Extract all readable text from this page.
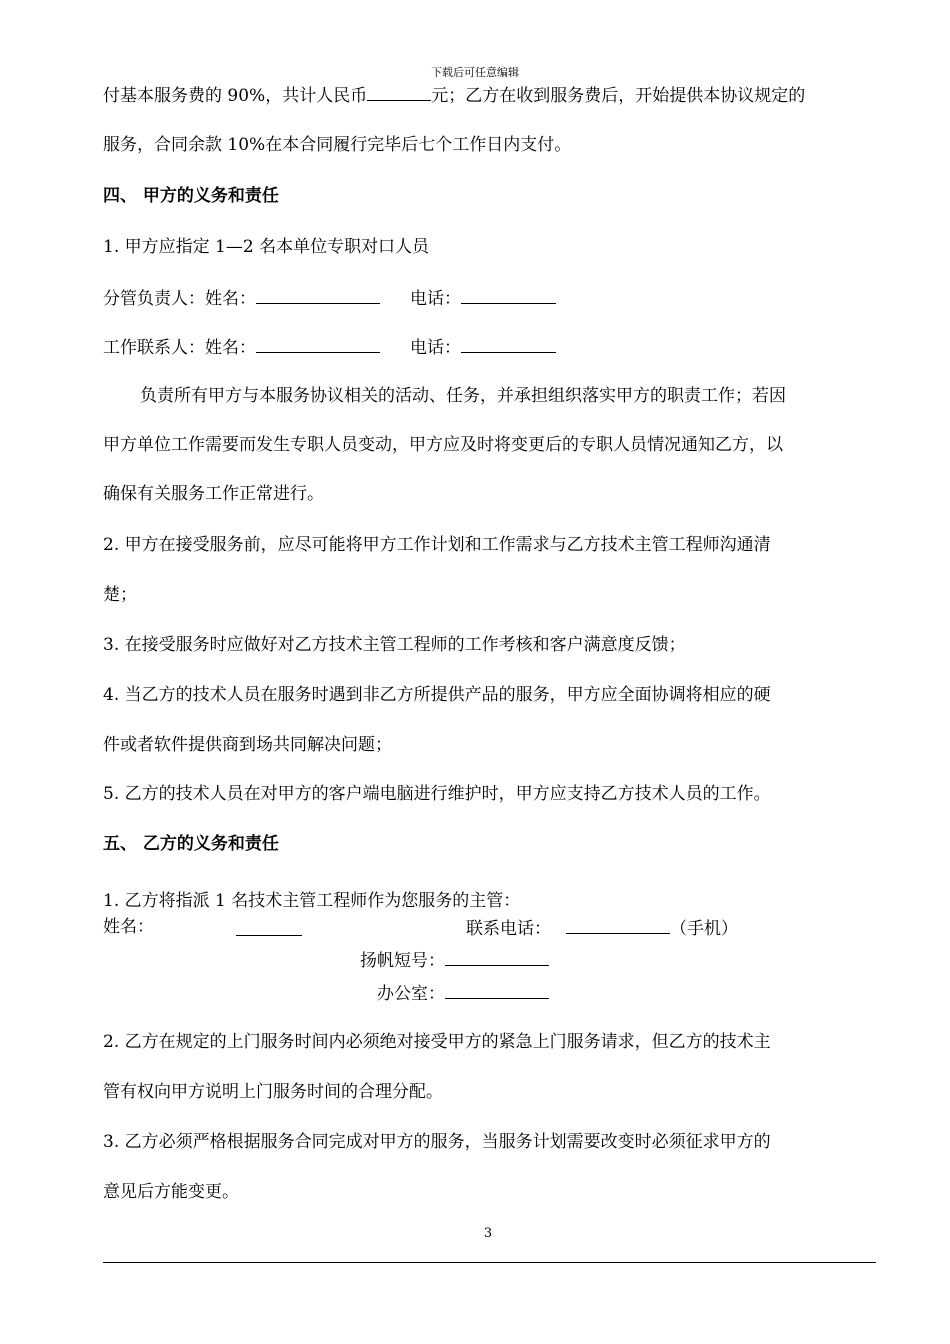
下载后可任意编辑
付基本服务费的 90%，共计人民币	元；乙方在收到服务费后，开始提供本协议规定的
服务，合同余款 10%在本合同履行完毕后七个工作日内支付。
四、 甲方的义务和责任
1. 甲方应指定 1—2 名本单位专职对口人员
分管负责人：姓名：	电话：
工作联系人：姓名：	电话：
负责所有甲方与本服务协议相关的活动、任务，并承担组织落实甲方的职责工作；若因
甲方单位工作需要而发生专职人员变动，甲方应及时将变更后的专职人员情况通知乙方，以
确保有关服务工作正常进行。
2. 甲方在接受服务前，应尽可能将甲方工作计划和工作需求与乙方技术主管工程师沟通清
楚；
3. 在接受服务时应做好对乙方技术主管工程师的工作考核和客户满意度反馈；
4. 当乙方的技术人员在服务时遇到非乙方所提供产品的服务，甲方应全面协调将相应的硬
件或者软件提供商到场共同解决问题；
5. 乙方的技术人员在对甲方的客户端电脑进行维护时，甲方应支持乙方技术人员的工作。
五、 乙方的义务和责任
1. 乙方将指派 1 名技术主管工程师作为您服务的主管：
姓名：	联系电话：	（手机）
扬帆短号：
办公室：
2. 乙方在规定的上门服务时间内必须绝对接受甲方的紧急上门服务请求，但乙方的技术主
管有权向甲方说明上门服务时间的合理分配。
3. 乙方必须严格根据服务合同完成对甲方的服务，当服务计划需要改变时必须征求甲方的
意见后方能变更。
3
